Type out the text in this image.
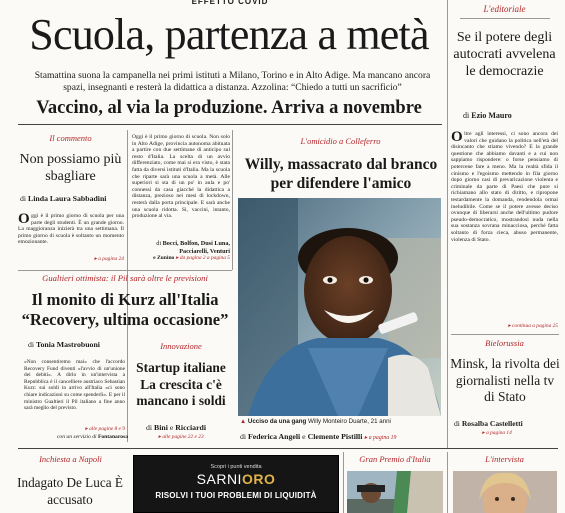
EFFETTO COVID
Scuola, partenza a metà
Stamattina suona la campanella nei primi istituti a Milano, Torino e in Alto Adige. Ma mancano ancora spazi, insegnanti e resterà la didattica a distanza. Azzolina: “Chiedo a tutti un sacrificio”
Vaccino, al via la produzione. Arriva a novembre
L'editoriale
Se il potere degli autocrati avvelena le democrazie
di Ezio Mauro
Oltre agli interessi, ci sono ancora dei valori che guidano la politica nell'età del disincanto che stiamo vivendo? E la grande questione che abbiamo davanti e a cui non sappiamo rispondere: o forse pensiamo di potercene fare a meno. Ma la realtà sfida il cinismo e l'egoismo mettendo in fila giorno dopo giorno casi di prevaricazione violenta e criminale da parte di Paesi che pure si richiamano allo stato di diritto, e ripropone testardamente la domanda, rendendola ormai ineludibile. Come se il potere avesse deciso ovunque di liberarsi anche dell'ultimo pudore pseudo-democratico, mostrandosi nuda nella sua sostanza sovrana minacciosa, perché fatta soltanto di forza cieca, abuso permanente, violenza di Stato.
▸ continua a pagina 25
Bielorussia
Minsk, la rivolta dei giornalisti nella tv di Stato
di Rosalba Castelletti
▸ a pagina 14
Il commento
Non possiamo più sbagliare
di Linda Laura Sabbadini
Oggi è il primo giorno di scuola per una parte degli studenti. È un grande giorno. La maggioranza inizierà tra una settimana. Il primo giorno di scuola è soltanto un momento emozionante.
▸ a pagina 24
Oggi è il primo giorno di scuola. Non solo in Alto Adige, provincia autonoma abituata a partire con due settimane di anticipo sul resto d'Italia. La scelta di un avvio differenziato, come mai si era visto, è stata fatta da diversi istituti d'Italia. Ma la scuola che riparte sarà una scuola a metà. Alle superiori si sta di un po' in aula e po' connessi da casa giacché la didattica a distanza, prezioso nei mesi di lockdown, resterà dalla porta principale. E sarà anche una scuola ridotta. Sì, vaccini, intanto, produzione al via.
di Bocci, Bolfon, Dusi Luna, Pacciarelli, Venturi
e Zunino ▸ da pagina 2 a pagina 5
L'omicidio a Colleferro
Willy, massacrato dal branco per difendere l'amico
▲ Ucciso da una gang Willy Monteiro Duarte, 21 anni
di Federica Angeli e Clemente Pistilli ▸ a pagina 19
Gualtieri ottimista: il Pil sarà oltre le previsioni
Il monito di Kurz all'Italia “Recovery, ultima occasione”
di Tonia Mastrobuoni
«Non consentiremo mai» che l'accordo Recovery Fund diventi «l'avvio di un'unione dei debiti». A dirlo in un'intervista a Repubblica è il cancelliere austriaco Sebastian Kurz: sui soldi in arrivo all'Italia «ci sono chiare indicazioni su come spenderli». E per il ministro Gualtieri il Pil italiano a fine anno sarà meglio del previsto.
▸ alle pagine 8 e 9
con un servizio di Fontanarosa
Innovazione
Startup italiane La crescita c'è mancano i soldi
di Bini e Ricciardi
▸ alle pagine 22 e 23
Inchiesta a Napoli
Indagato De Luca È accusato
Scopri i punti vendita
SARNIORO
RISOLVI I TUOI PROBLEMI DI LIQUIDITÀ
Gran Premio d'Italia	L'intervista
